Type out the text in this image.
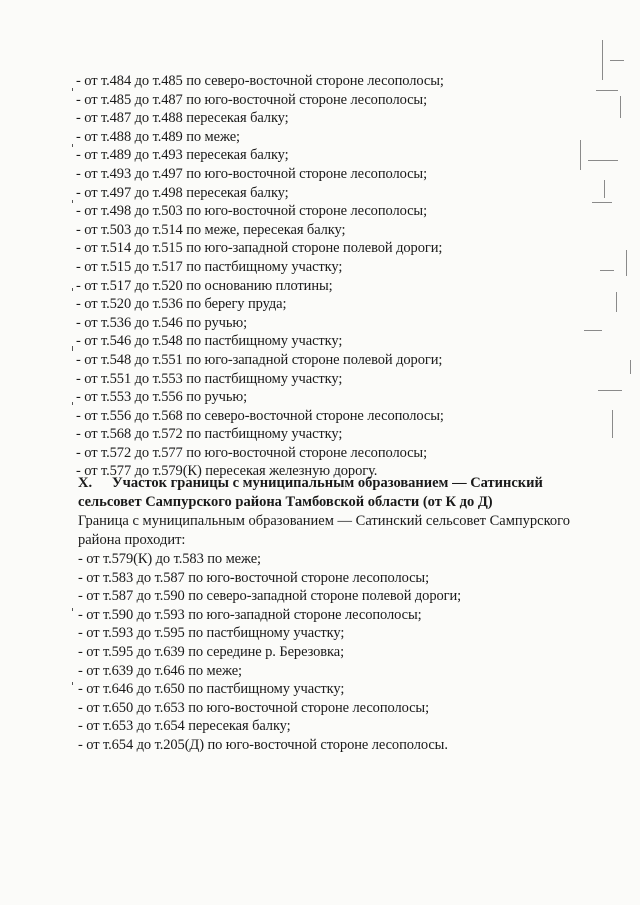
- от т.484 до т.485 по северо-восточной стороне лесополосы;
- от т.485 до т.487 по юго-восточной стороне лесополосы;
- от т.487 до т.488 пересекая балку;
- от т.488 до т.489 по меже;
- от т.489 до т.493 пересекая балку;
- от т.493 до т.497 по юго-восточной стороне лесополосы;
- от т.497 до т.498 пересекая балку;
- от т.498 до т.503 по юго-восточной стороне лесополосы;
- от т.503 до т.514 по меже, пересекая балку;
- от т.514 до т.515 по юго-западной стороне полевой дороги;
- от т.515 до т.517 по пастбищному участку;
- от т.517 до т.520 по основанию плотины;
- от т.520 до т.536 по берегу пруда;
- от т.536 до т.546 по ручью;
- от т.546 до т.548 по пастбищному участку;
- от т.548 до т.551 по юго-западной стороне полевой дороги;
- от т.551 до т.553 по пастбищному участку;
- от т.553 до т.556 по ручью;
- от т.556 до т.568 по северо-восточной стороне лесополосы;
- от т.568 до т.572 по пастбищному участку;
- от т.572 до т.577 по юго-восточной стороне лесополосы;
- от т.577 до т.579(К) пересекая железную дорогу.
X. Участок границы с муниципальным образованием — Сатинский
сельсовет Сампурского района Тамбовской области (от К до Д)
Граница с муниципальным образованием — Сатинский сельсовет Сампурского
района проходит:
- от т.579(К) до т.583 по меже;
- от т.583 до т.587 по юго-восточной стороне лесополосы;
- от т.587 до т.590 по северо-западной стороне полевой дороги;
- от т.590 до т.593 по юго-западной стороне лесополосы;
- от т.593 до т.595 по пастбищному участку;
- от т.595 до т.639 по середине р. Березовка;
- от т.639 до т.646 по меже;
- от т.646 до т.650 по пастбищному участку;
- от т.650 до т.653 по юго-восточной стороне лесополосы;
- от т.653 до т.654 пересекая балку;
- от т.654 до т.205(Д) по юго-восточной стороне лесополосы.
